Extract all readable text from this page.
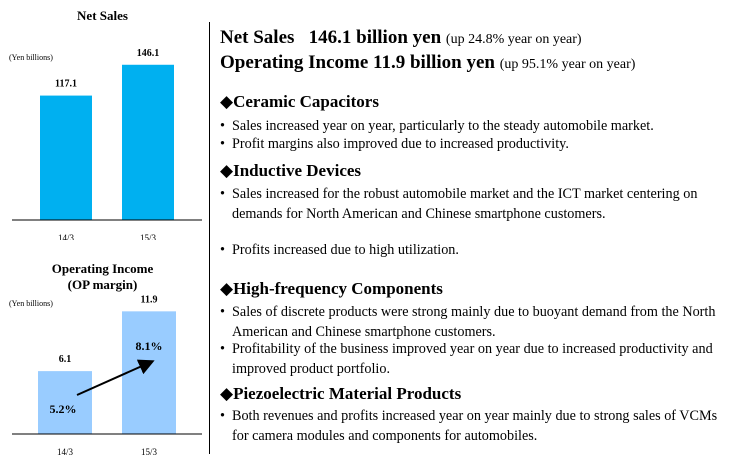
Net Sales
(Yen billions)
117.1
14/3
146.1
15/3
Operating Income
(OP margin)
(Yen billions)
6.1
14/3
11.9
15/3
5.2%
8.1%
Net Sales   146.1 billion yen (up 24.8% year on year)
Operating Income 11.9 billion yen (up 95.1% year on year)
◆Ceramic Capacitors
• Sales increased year on year, particularly to the steady automobile market.
• Profit margins also improved due to increased productivity.
◆Inductive Devices
• Sales increased for the robust automobile market and the ICT market centering on demands for North American and Chinese smartphone customers.
• Profits increased due to high utilization.
◆High-frequency Components
• Sales of discrete products were strong mainly due to buoyant demand from the North American and Chinese smartphone customers.
• Profitability of the business improved year on year due to increased productivity and improved product portfolio.
◆Piezoelectric Material Products
• Both revenues and profits increased year on year mainly due to strong sales of VCMs for camera modules and components for automobiles.
